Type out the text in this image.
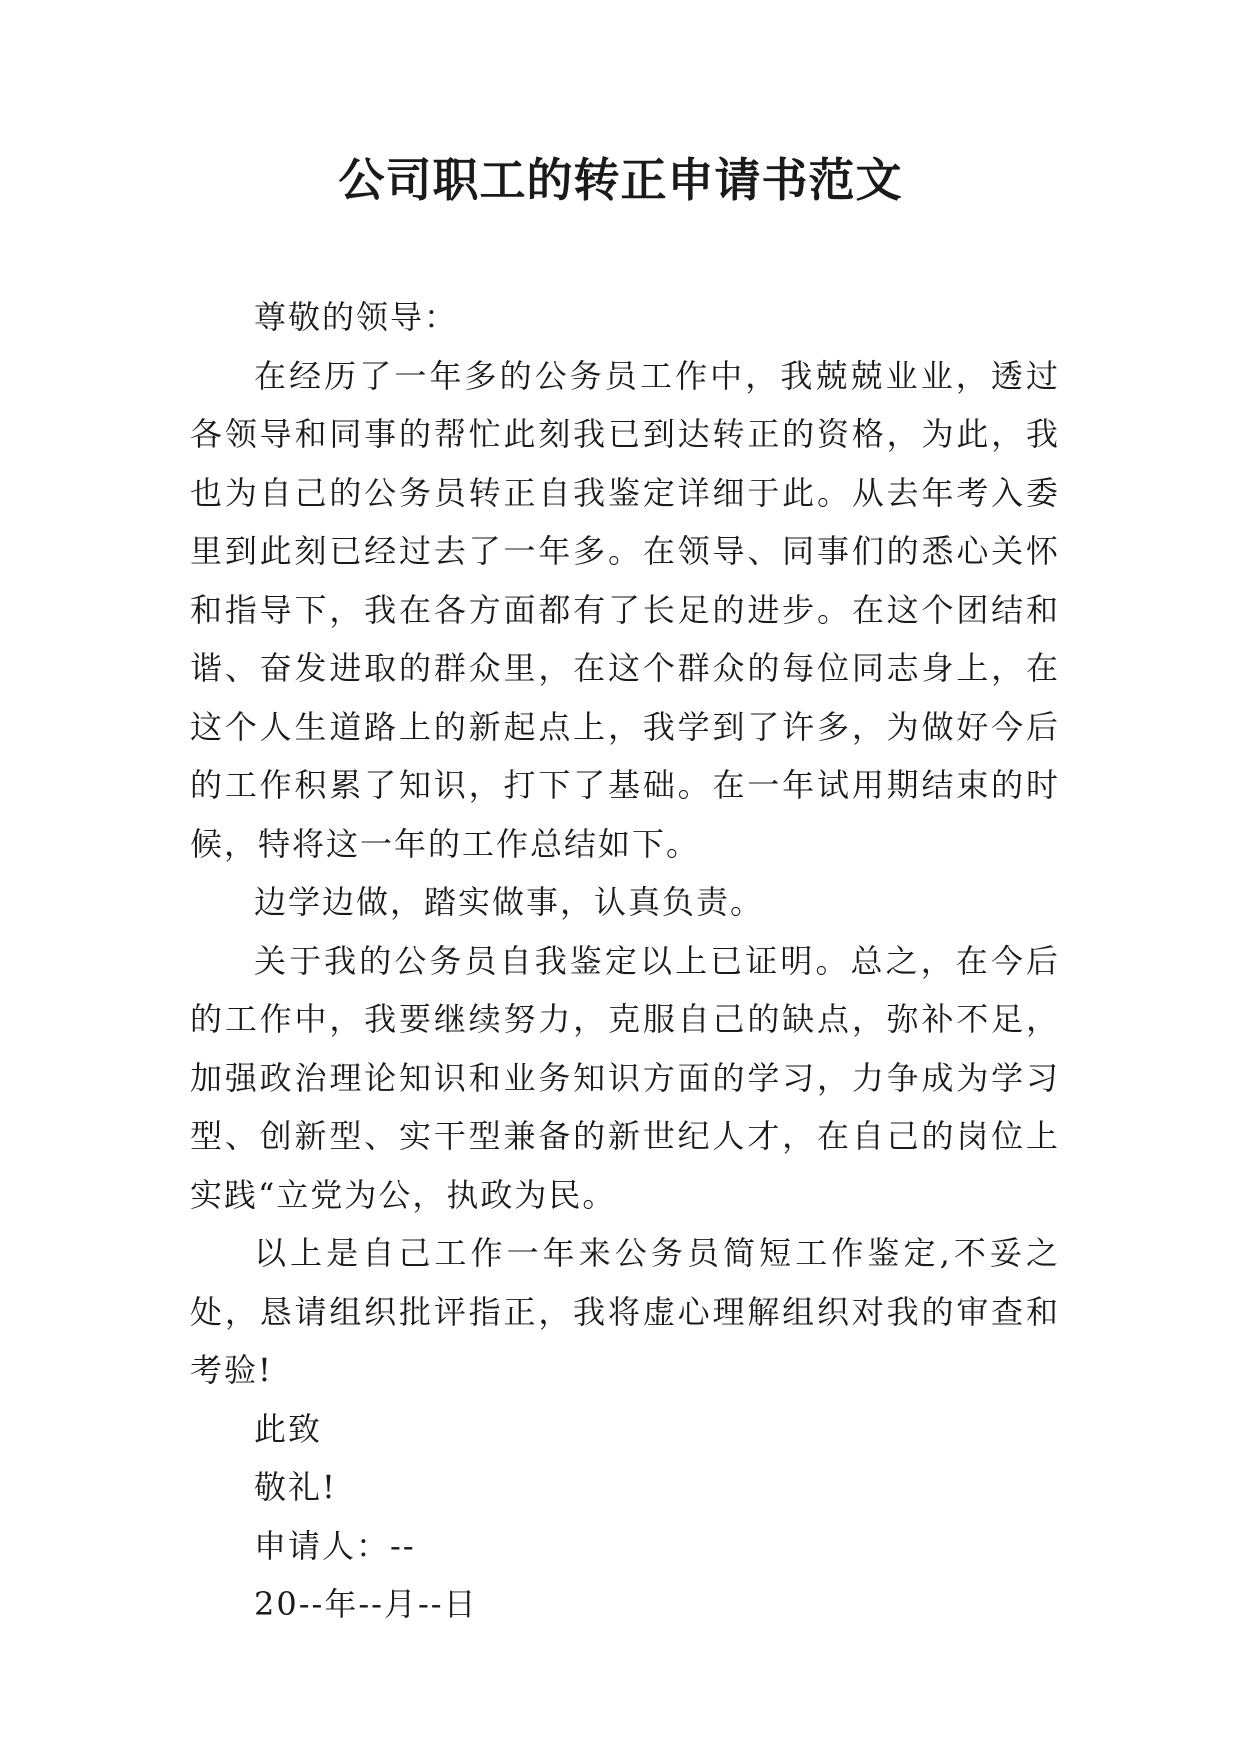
公司职工的转正申请书范文

尊敬的领导：

在经历了一年多的公务员工作中，我兢兢业业，透过各领导和同事的帮忙此刻我已到达转正的资格，为此，我也为自己的公务员转正自我鉴定详细于此。从去年考入委里到此刻已经过去了一年多。在领导、同事们的悉心关怀和指导下，我在各方面都有了长足的进步。在这个团结和谐、奋发进取的群众里，在这个群众的每位同志身上，在这个人生道路上的新起点上，我学到了许多，为做好今后的工作积累了知识，打下了基础。在一年试用期结束的时候，特将这一年的工作总结如下。

边学边做，踏实做事，认真负责。

关于我的公务员自我鉴定以上已证明。总之，在今后的工作中，我要继续努力，克服自己的缺点，弥补不足，加强政治理论知识和业务知识方面的学习，力争成为学习型、创新型、实干型兼备的新世纪人才，在自己的岗位上实践“立党为公，执政为民。

以上是自己工作一年来公务员简短工作鉴定,不妥之处，恳请组织批评指正，我将虚心理解组织对我的审查和考验!

此致

敬礼!

申请人：--

20--年--月--日
